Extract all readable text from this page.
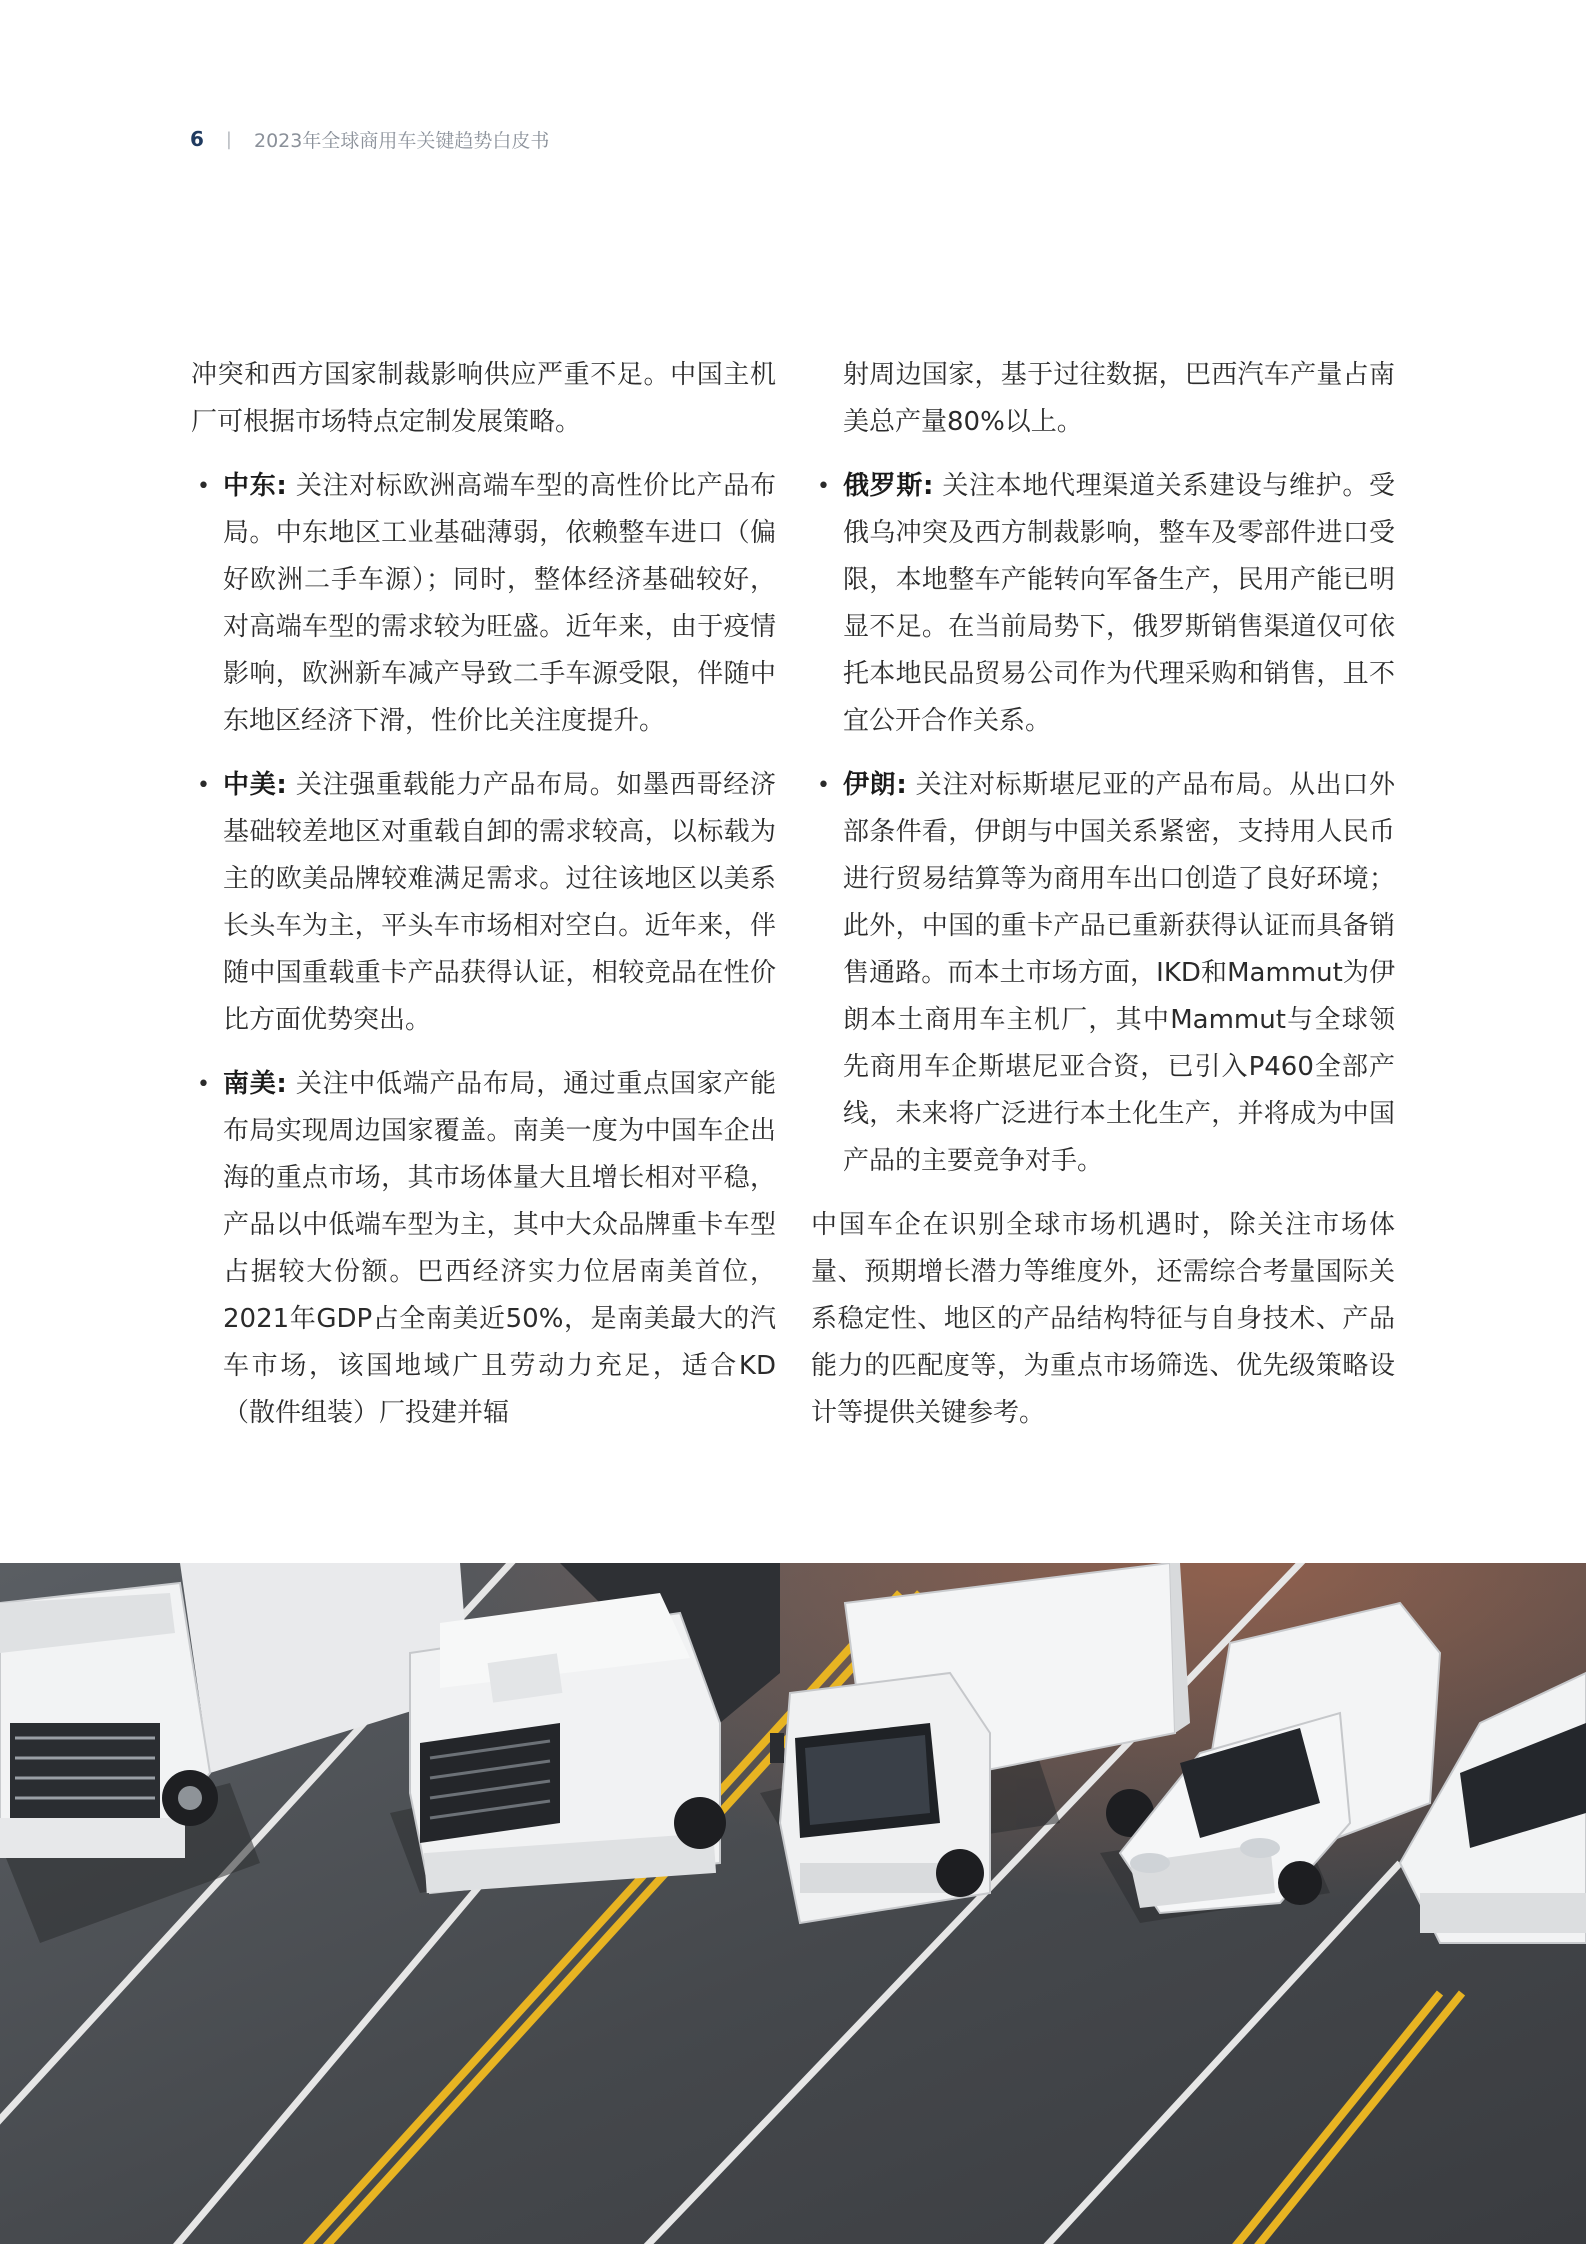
6 | 2023年全球商用车关键趋势白皮书

冲突和西方国家制裁影响供应严重不足。中国主机厂可根据市场特点定制发展策略。

• 中东: 关注对标欧洲高端车型的高性价比产品布局。中东地区工业基础薄弱，依赖整车进口（偏好欧洲二手车源）；同时，整体经济基础较好，对高端车型的需求较为旺盛。近年来，由于疫情影响，欧洲新车减产导致二手车源受限，伴随中东地区经济下滑，性价比关注度提升。
• 中美: 关注强重载能力产品布局。如墨西哥经济基础较差地区对重载自卸的需求较高，以标载为主的欧美品牌较难满足需求。过往该地区以美系长头车为主，平头车市场相对空白。近年来，伴随中国重载重卡产品获得认证，相较竞品在性价比方面优势突出。
• 南美: 关注中低端产品布局，通过重点国家产能布局实现周边国家覆盖。南美一度为中国车企出海的重点市场，其市场体量大且增长相对平稳，产品以中低端车型为主，其中大众品牌重卡车型占据较大份额。巴西经济实力位居南美首位，2021年GDP占全南美近50%，是南美最大的汽车市场，该国地域广且劳动力充足，适合KD（散件组装）厂投建并辐

射周边国家，基于过往数据，巴西汽车产量占南美总产量80%以上。

• 俄罗斯: 关注本地代理渠道关系建设与维护。受俄乌冲突及西方制裁影响，整车及零部件进口受限，本地整车产能转向军备生产，民用产能已明显不足。在当前局势下，俄罗斯销售渠道仅可依托本地民品贸易公司作为代理采购和销售，且不宜公开合作关系。
• 伊朗: 关注对标斯堪尼亚的产品布局。从出口外部条件看，伊朗与中国关系紧密，支持用人民币进行贸易结算等为商用车出口创造了良好环境；此外，中国的重卡产品已重新获得认证而具备销售通路。而本土市场方面，IKD和Mammut为伊朗本土商用车主机厂，其中Mammut与全球领先商用车企斯堪尼亚合资，已引入P460全部产线，未来将广泛进行本土化生产，并将成为中国产品的主要竞争对手。

中国车企在识别全球市场机遇时，除关注市场体量、预期增长潜力等维度外，还需综合考量国际关系稳定性、地区的产品结构特征与自身技术、产品能力的匹配度等，为重点市场筛选、优先级策略设计等提供关键参考。
